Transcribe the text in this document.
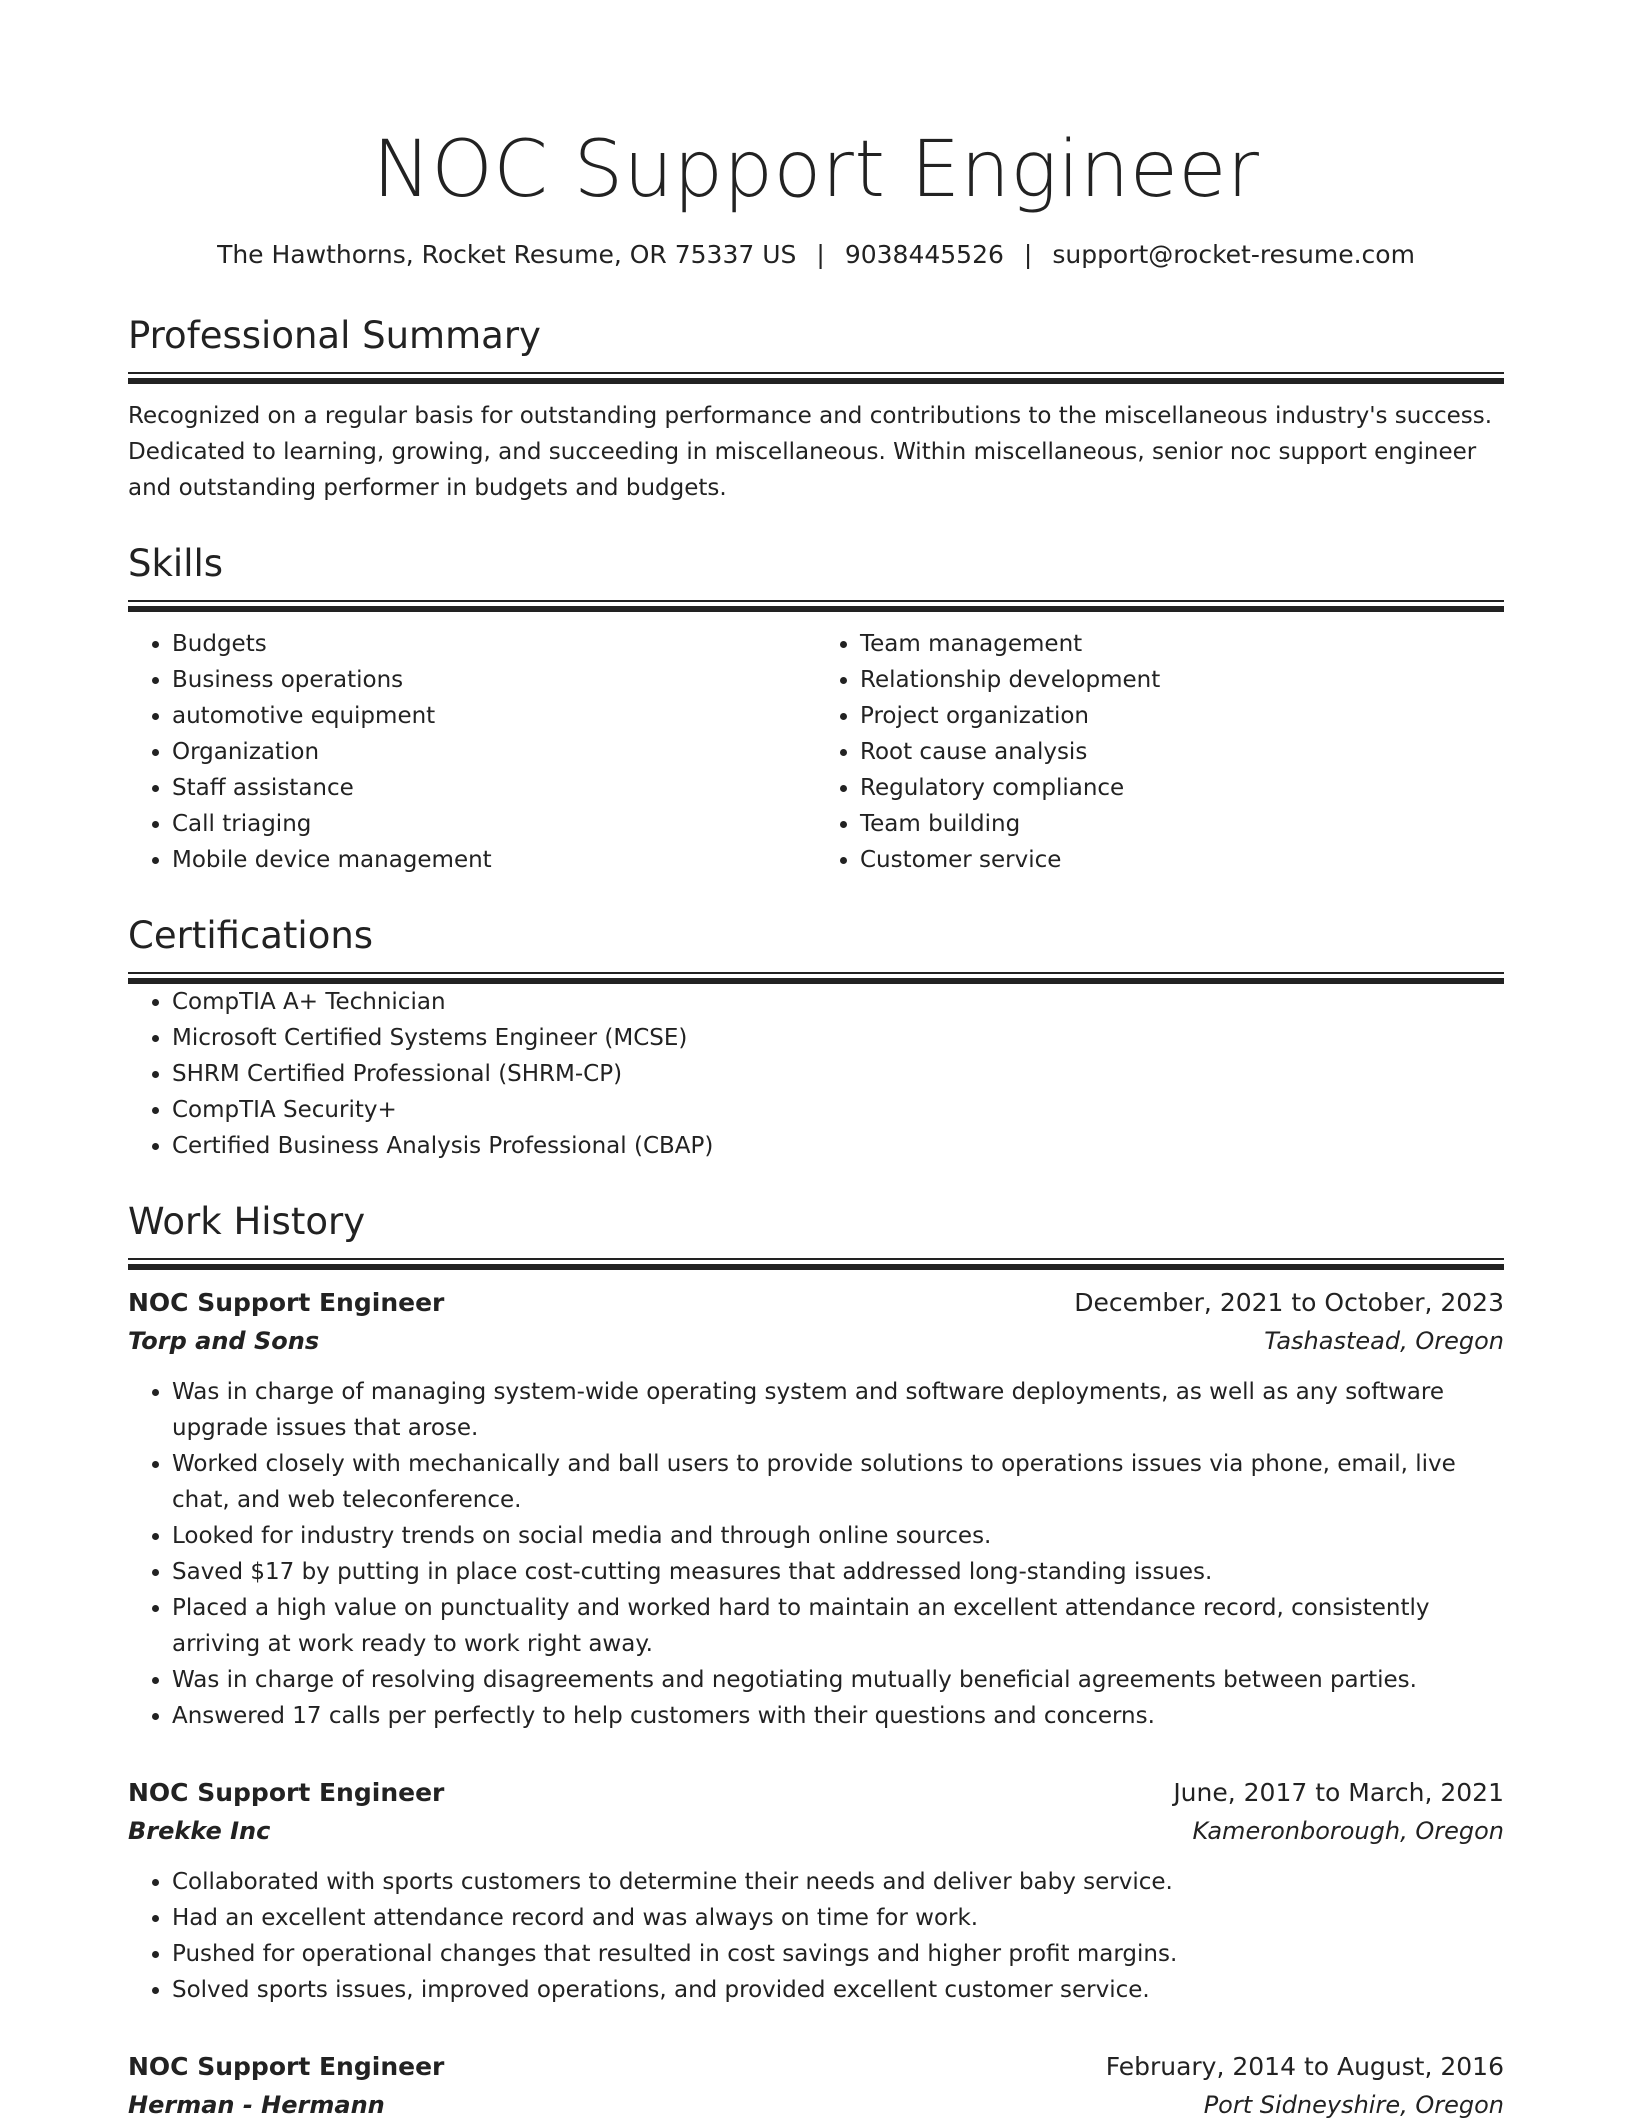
NOC Support Engineer
The Hawthorns, Rocket Resume, OR 75337 US | 9038445526 | support@rocket-resume.com
Professional Summary
Recognized on a regular basis for outstanding performance and contributions to the miscellaneous industry's success. Dedicated to learning, growing, and succeeding in miscellaneous. Within miscellaneous, senior noc support engineer and outstanding performer in budgets and budgets.
Skills
• Budgets
• Business operations
• automotive equipment
• Organization
• Staff assistance
• Call triaging
• Mobile device management
• Team management
• Relationship development
• Project organization
• Root cause analysis
• Regulatory compliance
• Team building
• Customer service
Certifications
• CompTIA A+ Technician
• Microsoft Certified Systems Engineer (MCSE)
• SHRM Certified Professional (SHRM-CP)
• CompTIA Security+
• Certified Business Analysis Professional (CBAP)
Work History
NOC Support Engineer	December, 2021 to October, 2023
Torp and Sons	Tashastead, Oregon
• Was in charge of managing system-wide operating system and software deployments, as well as any software upgrade issues that arose.
• Worked closely with mechanically and ball users to provide solutions to operations issues via phone, email, live chat, and web teleconference.
• Looked for industry trends on social media and through online sources.
• Saved $17 by putting in place cost-cutting measures that addressed long-standing issues.
• Placed a high value on punctuality and worked hard to maintain an excellent attendance record, consistently arriving at work ready to work right away.
• Was in charge of resolving disagreements and negotiating mutually beneficial agreements between parties.
• Answered 17 calls per perfectly to help customers with their questions and concerns.
NOC Support Engineer	June, 2017 to March, 2021
Brekke Inc	Kameronborough, Oregon
• Collaborated with sports customers to determine their needs and deliver baby service.
• Had an excellent attendance record and was always on time for work.
• Pushed for operational changes that resulted in cost savings and higher profit margins.
• Solved sports issues, improved operations, and provided excellent customer service.
NOC Support Engineer	February, 2014 to August, 2016
Herman - Hermann	Port Sidneyshire, Oregon
